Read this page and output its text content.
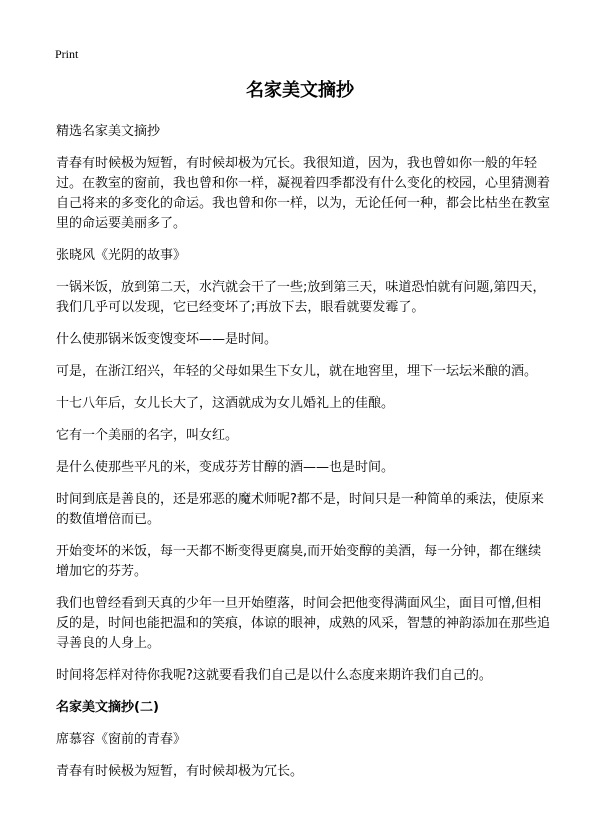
Print
名家美文摘抄

精选名家美文摘抄

青春有时候极为短暂，有时候却极为冗长。我很知道，因为，我也曾如你一般的年轻过。在教室的窗前，我也曾和你一样，凝视着四季都没有什么变化的校园，心里猜测着自己将来的多变化的命运。我也曾和你一样，以为，无论任何一种，都会比枯坐在教室里的命运要美丽多了。

张晓风《光阴的故事》

一锅米饭，放到第二天，水汽就会干了一些;放到第三天，味道恐怕就有问题,第四天，我们几乎可以发现，它已经变坏了;再放下去，眼看就要发霉了。

什么使那锅米饭变馊变坏——是时间。

可是，在浙江绍兴，年轻的父母如果生下女儿，就在地窖里，埋下一坛坛米酿的酒。

十七八年后，女儿长大了，这酒就成为女儿婚礼上的佳酿。

它有一个美丽的名字，叫女红。

是什么使那些平凡的米，变成芬芳甘醇的酒——也是时间。

时间到底是善良的，还是邪恶的魔术师呢?都不是，时间只是一种简单的乘法，使原来的数值增倍而已。

开始变坏的米饭，每一天都不断变得更腐臭,而开始变醇的美酒，每一分钟，都在继续增加它的芬芳。

我们也曾经看到天真的少年一旦开始堕落，时间会把他变得满面风尘，面目可憎,但相反的是，时间也能把温和的笑痕，体谅的眼神，成熟的风采，智慧的神韵添加在那些追寻善良的人身上。

时间将怎样对待你我呢?这就要看我们自己是以什么态度来期许我们自己的。

名家美文摘抄(二)

席慕容《窗前的青春》

青春有时候极为短暂，有时候却极为冗长。
